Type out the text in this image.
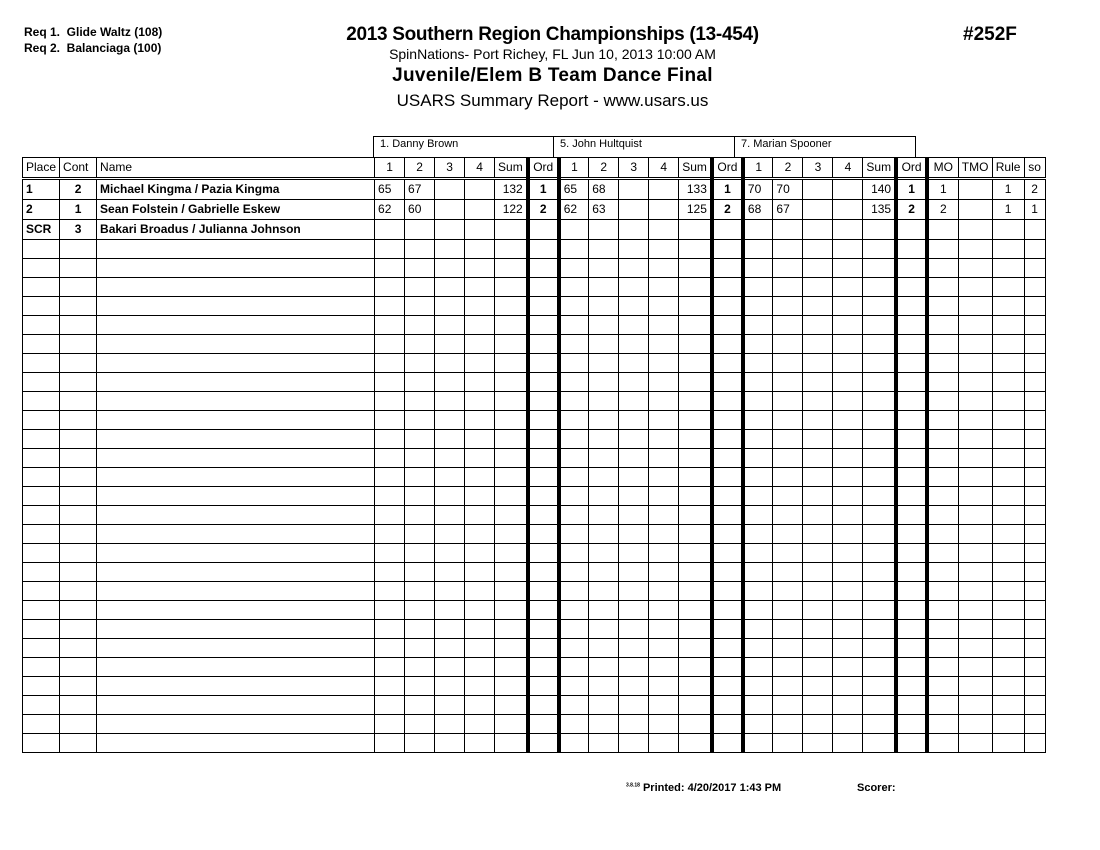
Req 1.  Glide Waltz (108)
Req 2.  Balanciaga (100)
2013 Southern Region Championships (13-454)
SpinNations- Port Richey, FL Jun 10, 2013 10:00 AM
Juvenile/Elem B Team Dance Final
USARS Summary Report - www.usars.us
#252F
1. Danny Brown	5. John Hultquist	7. Marian Spooner
Place	Cont	Name	1	2	3	4	Sum	Ord	1	2	3	4	Sum	Ord	1	2	3	4	Sum	Ord	MO	TMO	Rule	so
1	2	Michael Kingma / Pazia Kingma	65	67			132	1	65	68			133	1	70	70			140	1	1		1	2
2	1	Sean Folstein / Gabrielle Eskew	62	60			122	2	62	63			125	2	68	67			135	2	2		1	1
SCR	3	Bakari Broadus / Julianna Johnson																						

$^{3.8.18}$ Printed: 4/20/2017 1:43 PM	Scorer:
